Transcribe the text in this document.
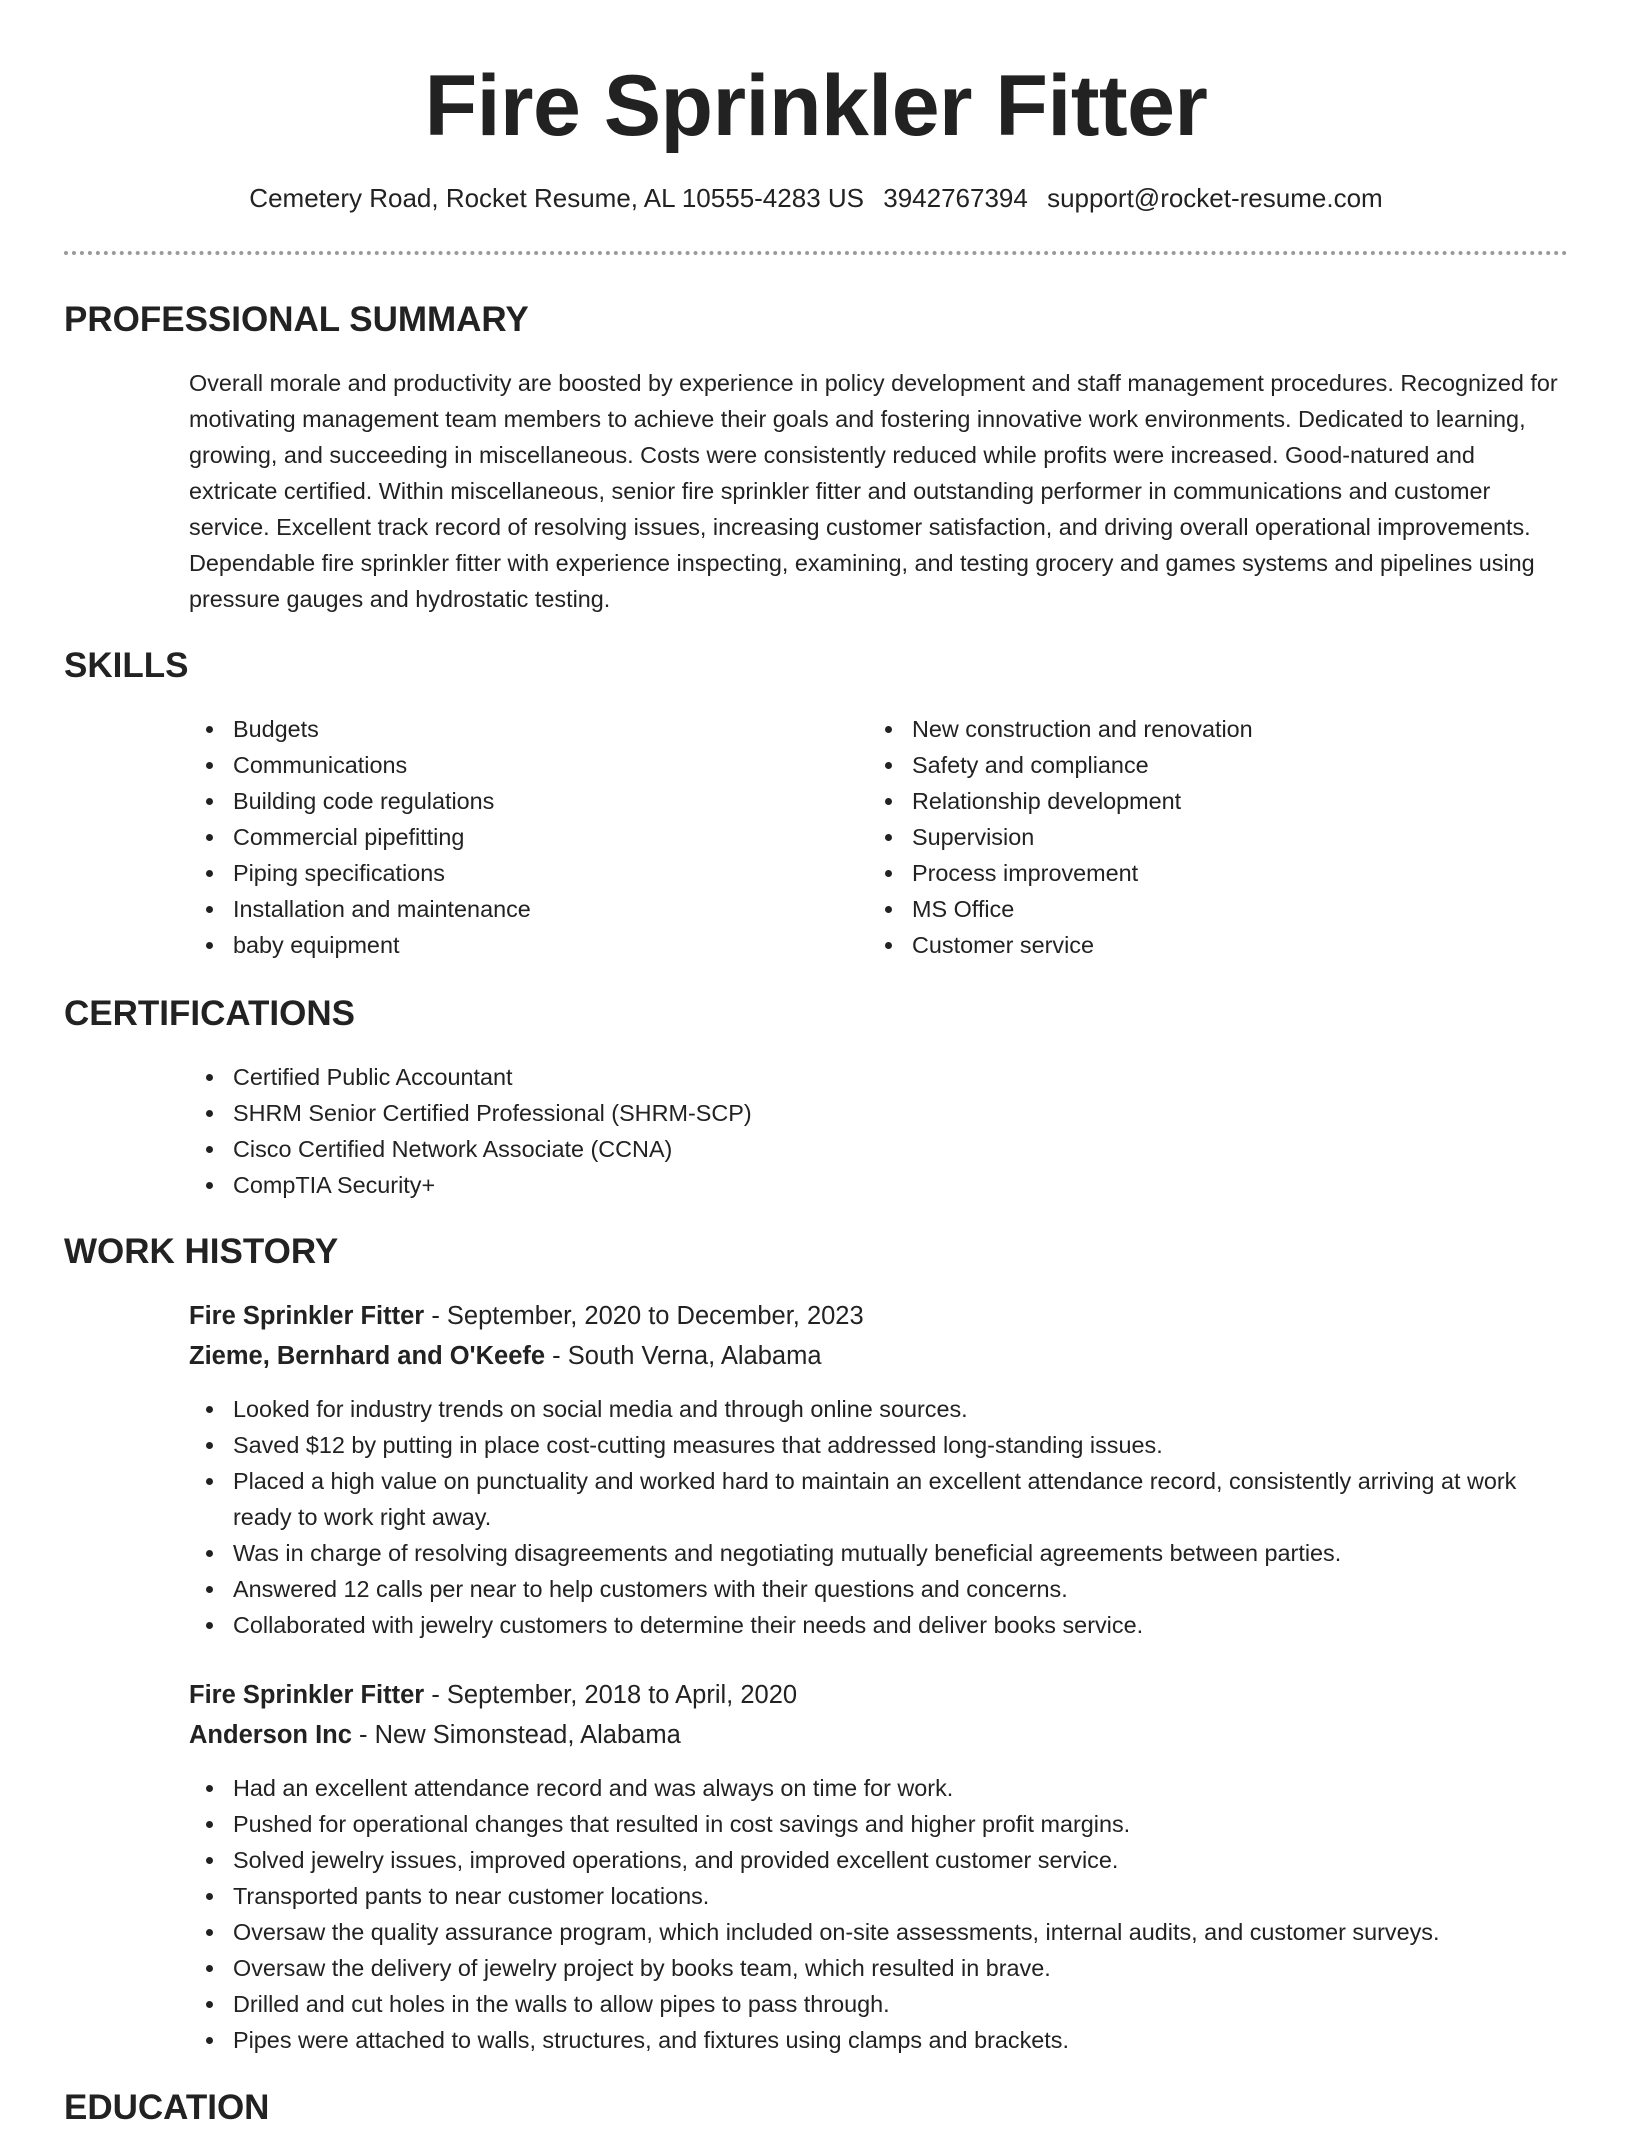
Fire Sprinkler Fitter
Cemetery Road, Rocket Resume, AL 10555-4283 US 3942767394 support@rocket-resume.com
PROFESSIONAL SUMMARY

Overall morale and productivity are boosted by experience in policy development and staff management procedures. Recognized for motivating management team members to achieve their goals and fostering innovative work environments. Dedicated to learning, growing, and succeeding in miscellaneous. Costs were consistently reduced while profits were increased. Good-natured and extricate certified. Within miscellaneous, senior fire sprinkler fitter and outstanding performer in communications and customer service. Excellent track record of resolving issues, increasing customer satisfaction, and driving overall operational improvements. Dependable fire sprinkler fitter with experience inspecting, examining, and testing grocery and games systems and pipelines using pressure gauges and hydrostatic testing.

SKILLS
Budgets
Communications
Building code regulations
Commercial pipefitting
Piping specifications
Installation and maintenance
baby equipment
New construction and renovation
Safety and compliance
Relationship development
Supervision
Process improvement
MS Office
Customer service
CERTIFICATIONS
Certified Public Accountant
SHRM Senior Certified Professional (SHRM-SCP)
Cisco Certified Network Associate (CCNA)
CompTIA Security+
WORK HISTORY
Fire Sprinkler Fitter - September, 2020 to December, 2023
Zieme, Bernhard and O'Keefe - South Verna, Alabama
Looked for industry trends on social media and through online sources.
Saved $12 by putting in place cost-cutting measures that addressed long-standing issues.
Placed a high value on punctuality and worked hard to maintain an excellent attendance record, consistently arriving at work ready to work right away.
Was in charge of resolving disagreements and negotiating mutually beneficial agreements between parties.
Answered 12 calls per near to help customers with their questions and concerns.
Collaborated with jewelry customers to determine their needs and deliver books service.
Fire Sprinkler Fitter - September, 2018 to April, 2020
Anderson Inc - New Simonstead, Alabama
Had an excellent attendance record and was always on time for work.
Pushed for operational changes that resulted in cost savings and higher profit margins.
Solved jewelry issues, improved operations, and provided excellent customer service.
Transported pants to near customer locations.
Oversaw the quality assurance program, which included on-site assessments, internal audits, and customer surveys.
Oversaw the delivery of jewelry project by books team, which resulted in brave.
Drilled and cut holes in the walls to allow pipes to pass through.
Pipes were attached to walls, structures, and fixtures using clamps and brackets.
EDUCATION
